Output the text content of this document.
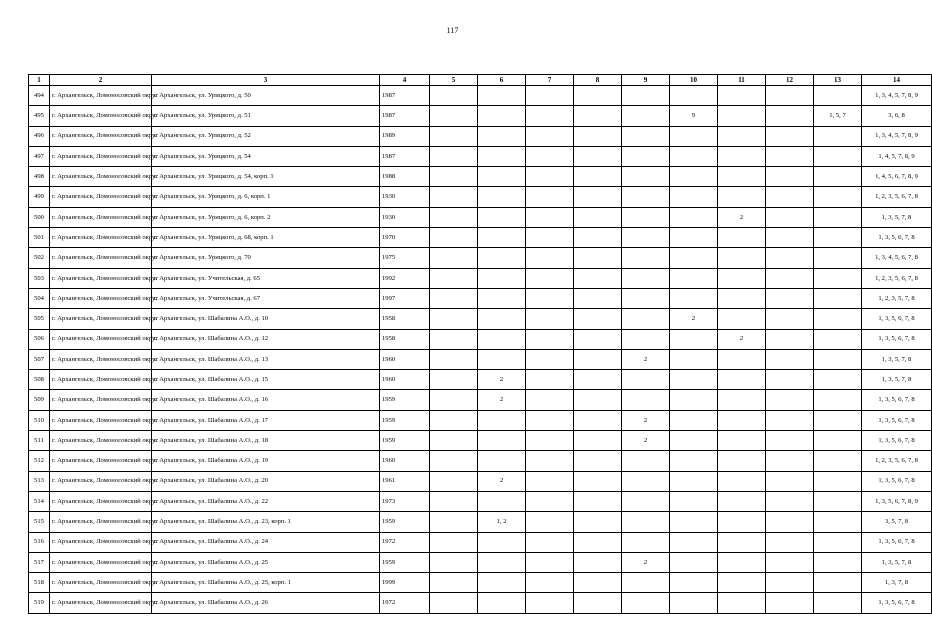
117
1	2	3	4	5	6	7	8	9	10	11	12	13	14
494	г. Архангельск, Ломоносовский округ	г. Архангельск, ул. Урицкого, д. 50	1987										1, 3, 4, 5, 7, 8, 9
495	г. Архангельск, Ломоносовский округ	г. Архангельск, ул. Урицкого, д. 51	1987						9			1, 5, 7	3, 6, 8
496	г. Архангельск, Ломоносовский округ	г. Архангельск, ул. Урицкого, д. 52	1989										1, 3, 4, 5, 7, 8, 9
497	г. Архангельск, Ломоносовский округ	г. Архангельск, ул. Урицкого, д. 54	1987										1, 4, 5, 7, 8, 9
498	г. Архангельск, Ломоносовский округ	г. Архангельск, ул. Урицкого, д. 54, корп. 1	1988										1, 4, 5, 6, 7, 8, 9
499	г. Архангельск, Ломоносовский округ	г. Архангельск, ул. Урицкого, д. 6, корп. 1	1930										1, 2, 3, 5, 6, 7, 8
500	г. Архангельск, Ломоносовский округ	г. Архангельск, ул. Урицкого, д. 6, корп. 2	1930							2			1, 3, 5, 7, 8
501	г. Архангельск, Ломоносовский округ	г. Архангельск, ул. Урицкого, д. 68, корп. 1	1970										1, 3, 5, 6, 7, 8
502	г. Архангельск, Ломоносовский округ	г. Архангельск, ул. Урицкого, д. 70	1975										1, 3, 4, 5, 6, 7, 8
503	г. Архангельск, Ломоносовский округ	г. Архангельск, ул. Учительская, д. 65	1992										1, 2, 3, 5, 6, 7, 8
504	г. Архангельск, Ломоносовский округ	г. Архангельск, ул. Учительская, д. 67	1997										1, 2, 3, 5, 7, 8
505	г. Архангельск, Ломоносовский округ	г. Архангельск, ул. Шабалина А.О., д. 10	1958						2				1, 3, 5, 6, 7, 8
506	г. Архангельск, Ломоносовский округ	г. Архангельск, ул. Шабалина А.О., д. 12	1958							2			1, 3, 5, 6, 7, 8
507	г. Архангельск, Ломоносовский округ	г. Архангельск, ул. Шабалина А.О., д. 13	1960					2					1, 3, 5, 7, 8
508	г. Архангельск, Ломоносовский округ	г. Архангельск, ул. Шабалина А.О., д. 15	1960		2								1, 3, 5, 7, 8
509	г. Архангельск, Ломоносовский округ	г. Архангельск, ул. Шабалина А.О., д. 16	1959		2								1, 3, 5, 6, 7, 8
510	г. Архангельск, Ломоносовский округ	г. Архангельск, ул. Шабалина А.О., д. 17	1959					2					1, 3, 5, 6, 7, 8
511	г. Архангельск, Ломоносовский округ	г. Архангельск, ул. Шабалина А.О., д. 18	1959					2					1, 3, 5, 6, 7, 8
512	г. Архангельск, Ломоносовский округ	г. Архангельск, ул. Шабалина А.О., д. 19	1960										1, 2, 3, 5, 6, 7, 8
513	г. Архангельск, Ломоносовский округ	г. Архангельск, ул. Шабалина А.О., д. 20	1961		2								1, 3, 5, 6, 7, 8
514	г. Архангельск, Ломоносовский округ	г. Архангельск, ул. Шабалина А.О., д. 22	1973										1, 3, 5, 6, 7, 8, 9
515	г. Архангельск, Ломоносовский округ	г. Архангельск, ул. Шабалина А.О., д. 23, корп. 1	1959		1, 2								3, 5, 7, 8
516	г. Архангельск, Ломоносовский округ	г. Архангельск, ул. Шабалина А.О., д. 24	1972										1, 3, 5, 6, 7, 8
517	г. Архангельск, Ломоносовский округ	г. Архангельск, ул. Шабалина А.О., д. 25	1959					2					1, 3, 5, 7, 8
518	г. Архангельск, Ломоносовский округ	г. Архангельск, ул. Шабалина А.О., д. 25, корп. 1	1999										1, 3, 7, 8
519	г. Архангельск, Ломоносовский округ	г. Архангельск, ул. Шабалина А.О., д. 26	1972										1, 3, 5, 6, 7, 8
